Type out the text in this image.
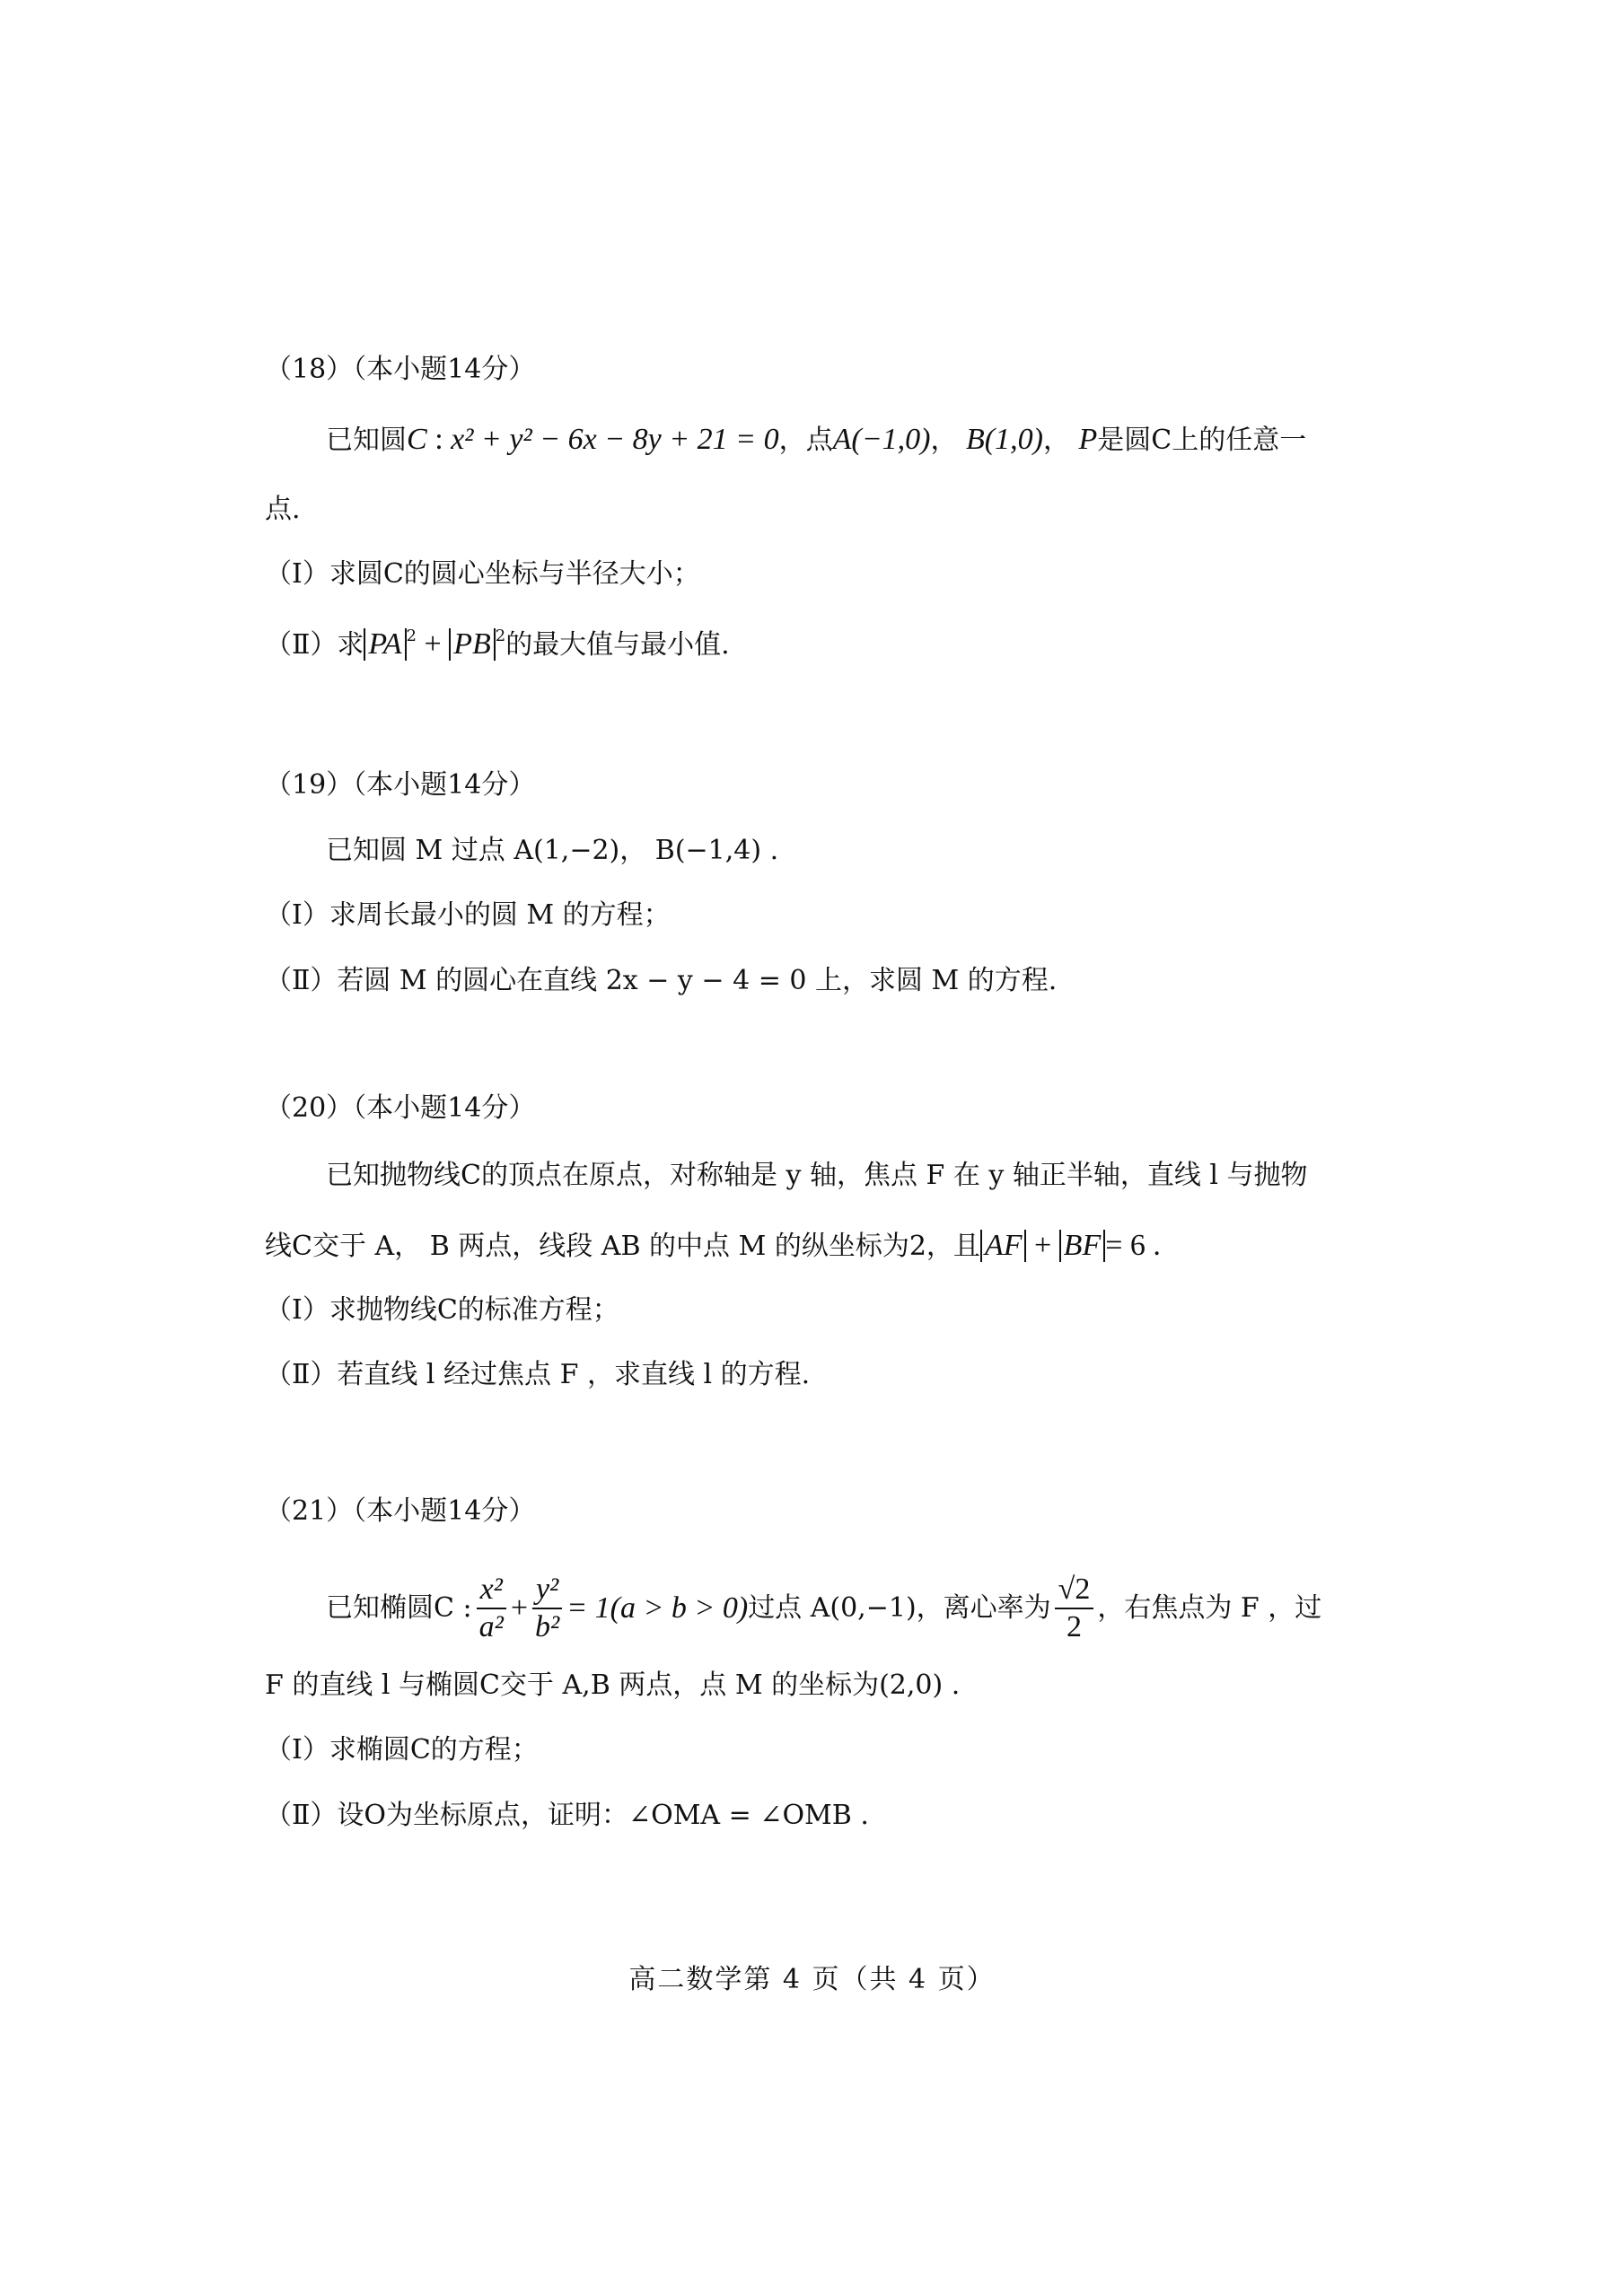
（18）（本小题14分）
已知圆C : x² + y² − 6x − 8y + 21 = 0，点A(−1,0)， B(1,0)， P是圆C上的任意一
点.
（Ⅰ）求圆C的圆心坐标与半径大小；
（Ⅱ）求 PA $^2$ + PB $^2$的最大值与最小值.
（19）（本小题14分）
已知圆 M 过点 A(1,−2)， B(−1,4) .
（Ⅰ）求周长最小的圆 M 的方程；
（Ⅱ）若圆 M 的圆心在直线 2x − y − 4 = 0 上，求圆 M 的方程.
（20）（本小题14分）
已知抛物线C的顶点在原点，对称轴是 y 轴，焦点 F 在 y 轴正半轴，直线 l 与抛物
线C交于 A， B 两点，线段 AB 的中点 M 的纵坐标为2，且 AF + BF = 6 .
（Ⅰ）求抛物线C的标准方程；
（Ⅱ）若直线 l 经过焦点 F ，求直线 l 的方程.
（21）（本小题14分）
已知椭圆C : $\frac{\text{x²}}{\text{a²}} + \frac{\text{y²}}{\text{b²}} = 1(a > b > 0)$ 过点 A(0,−1)，离心率为 $\frac{√2}{2}$ ，右焦点为 F ，过
F 的直线 l 与椭圆C交于 A,B 两点，点 M 的坐标为(2,0) .
（Ⅰ）求椭圆C的方程；
（Ⅱ）设O为坐标原点，证明：∠OMA = ∠OMB .
高二数学第 4 页（共 4 页）
